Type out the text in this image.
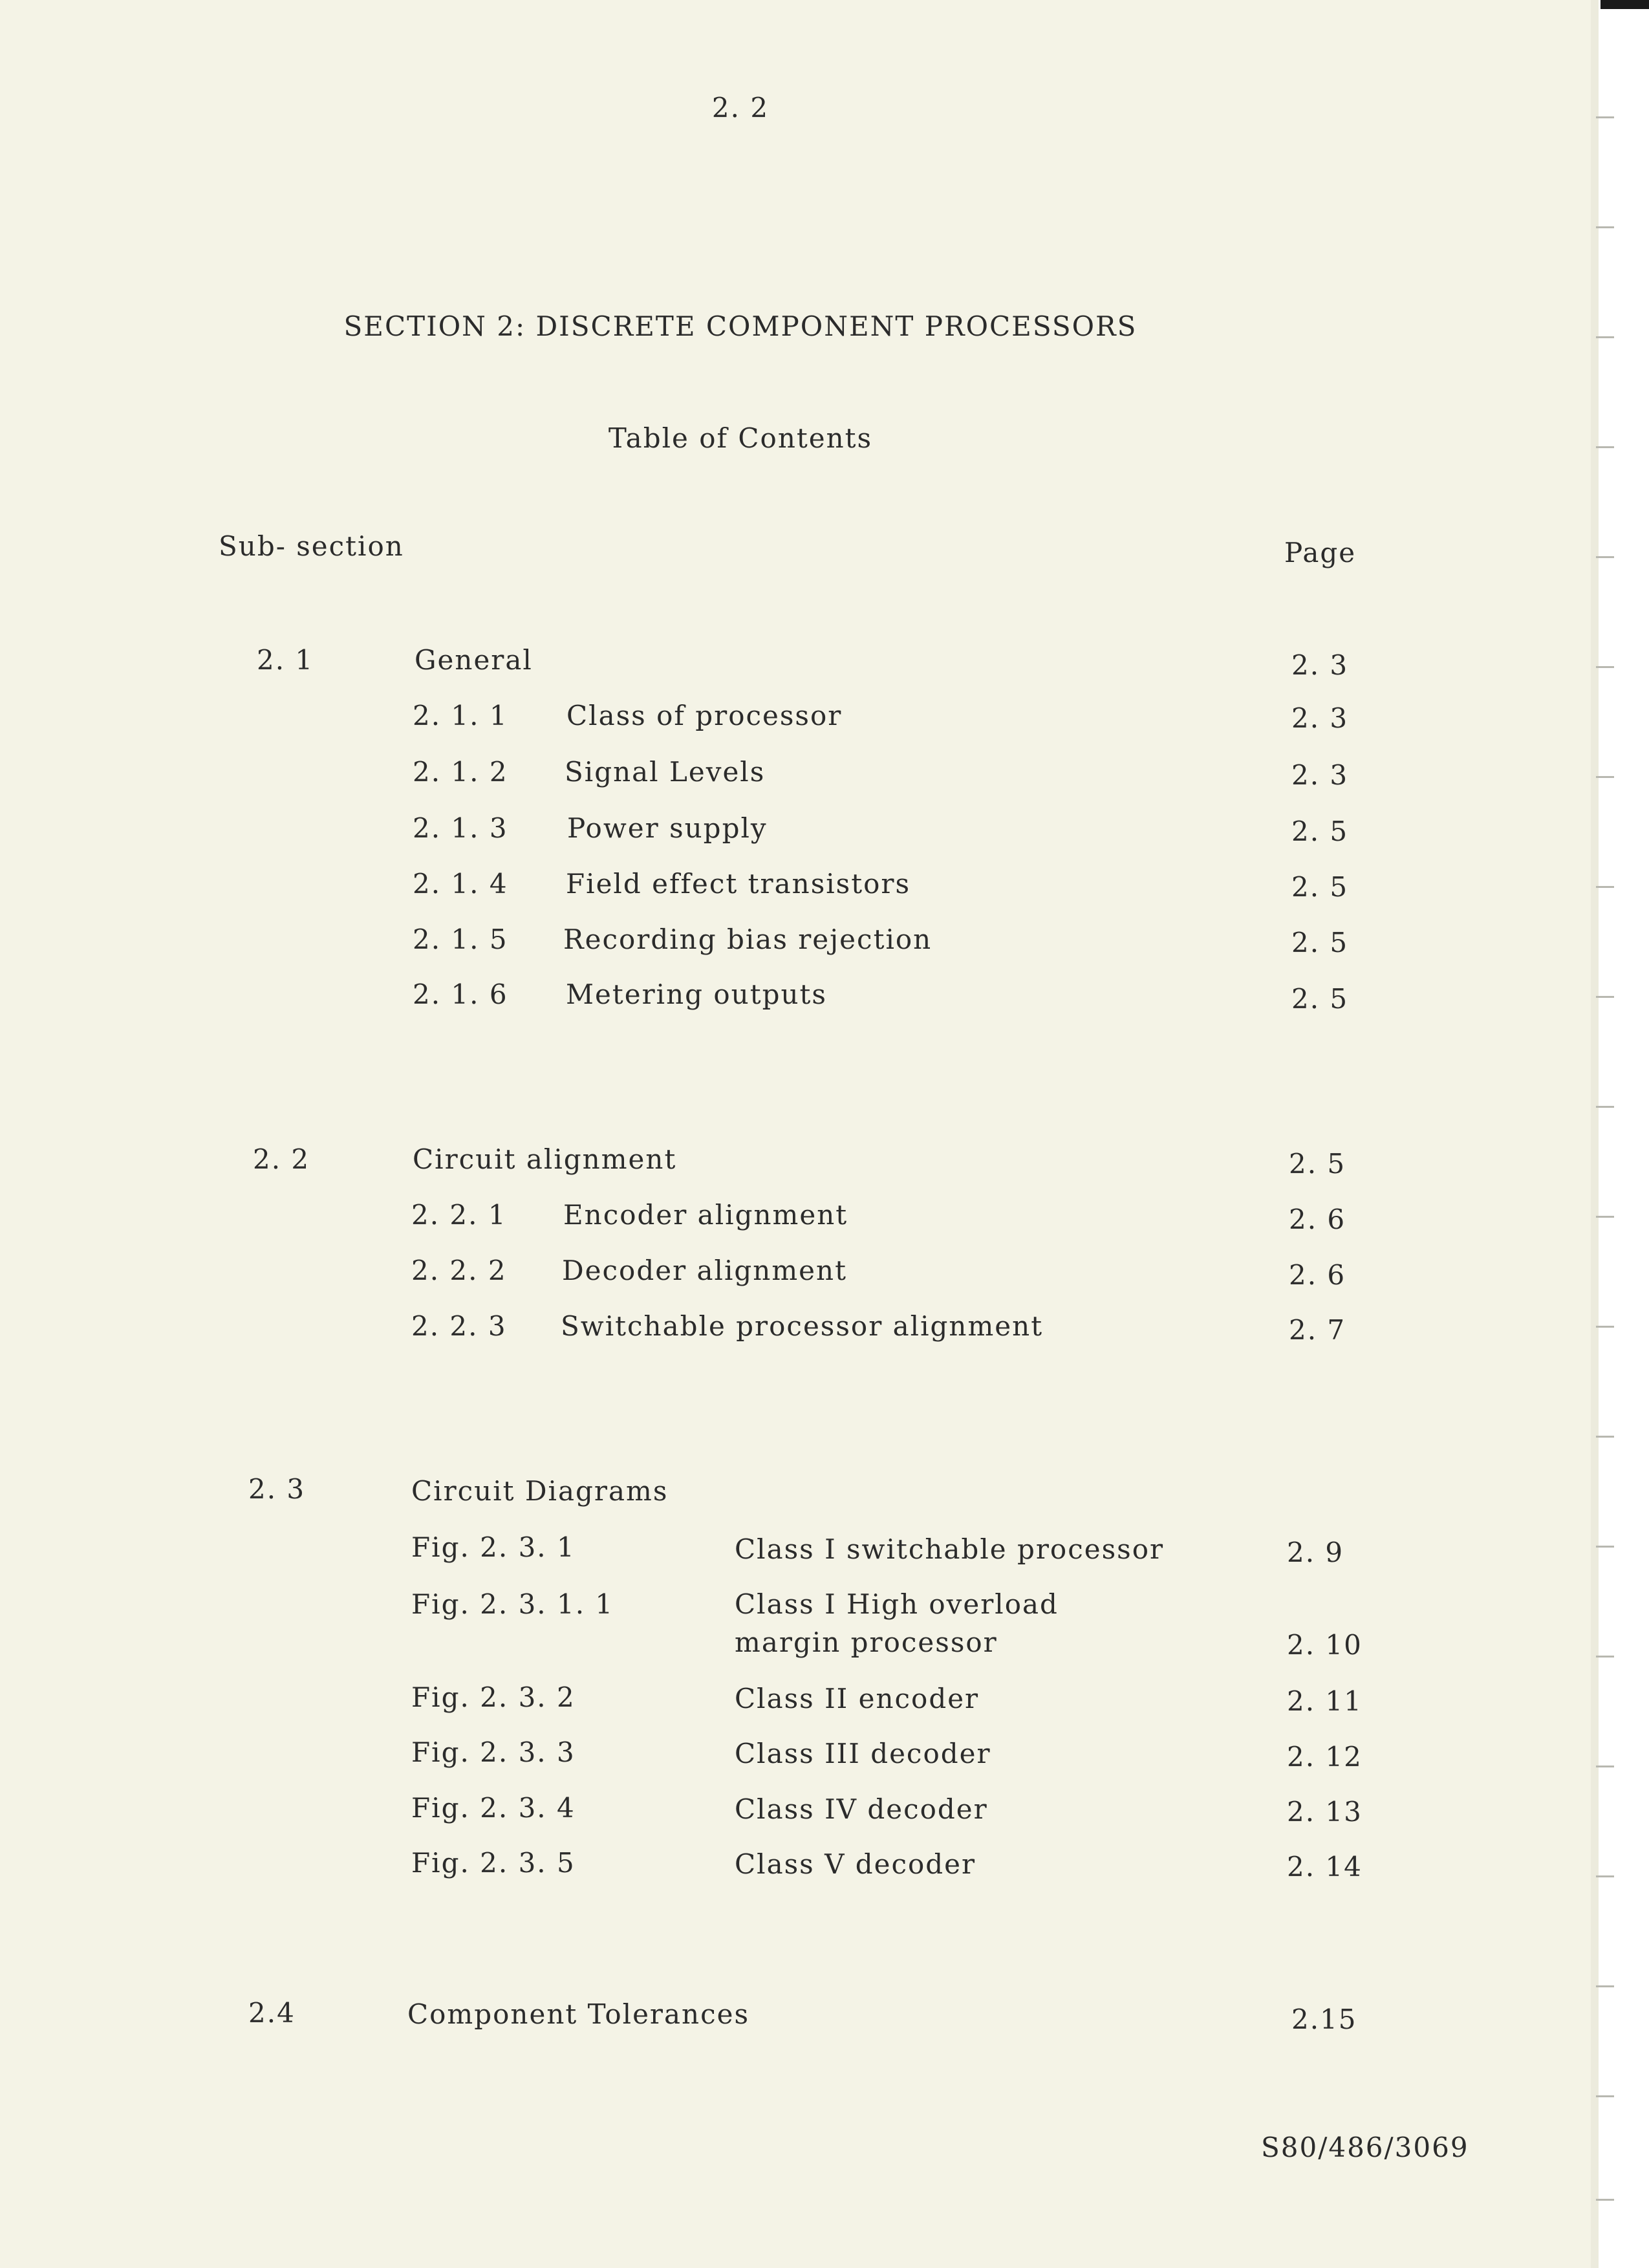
2. 2
SECTION 2: DISCRETE COMPONENT PROCESSORS
Table of Contents
Sub- section	Page
2. 1	General	2. 3
2. 1. 1 Class of processor	2. 3
2. 1. 2 Signal Levels	2. 3
2. 1. 3 Power supply	2. 5
2. 1. 4 Field effect transistors	2. 5
2. 1. 5 Recording bias rejection	2. 5
2. 1. 6 Metering outputs	2. 5
2. 2	Circuit alignment	2. 5
2. 2. 1 Encoder alignment	2. 6
2. 2. 2 Decoder alignment	2. 6
2. 2. 3 Switchable processor alignment	2. 7
2. 3	Circuit Diagrams
Fig. 2. 3. 1	Class I switchable processor	2. 9
Fig. 2. 3. 1. 1	Class I High overload
margin processor	2. 10
Fig. 2. 3. 2	Class II encoder	2. 11
Fig. 2. 3. 3	Class III decoder	2. 12
Fig. 2. 3. 4	Class IV decoder	2. 13
Fig. 2. 3. 5	Class V decoder	2. 14
2.4	Component Tolerances	2.15
S80/486/3069
